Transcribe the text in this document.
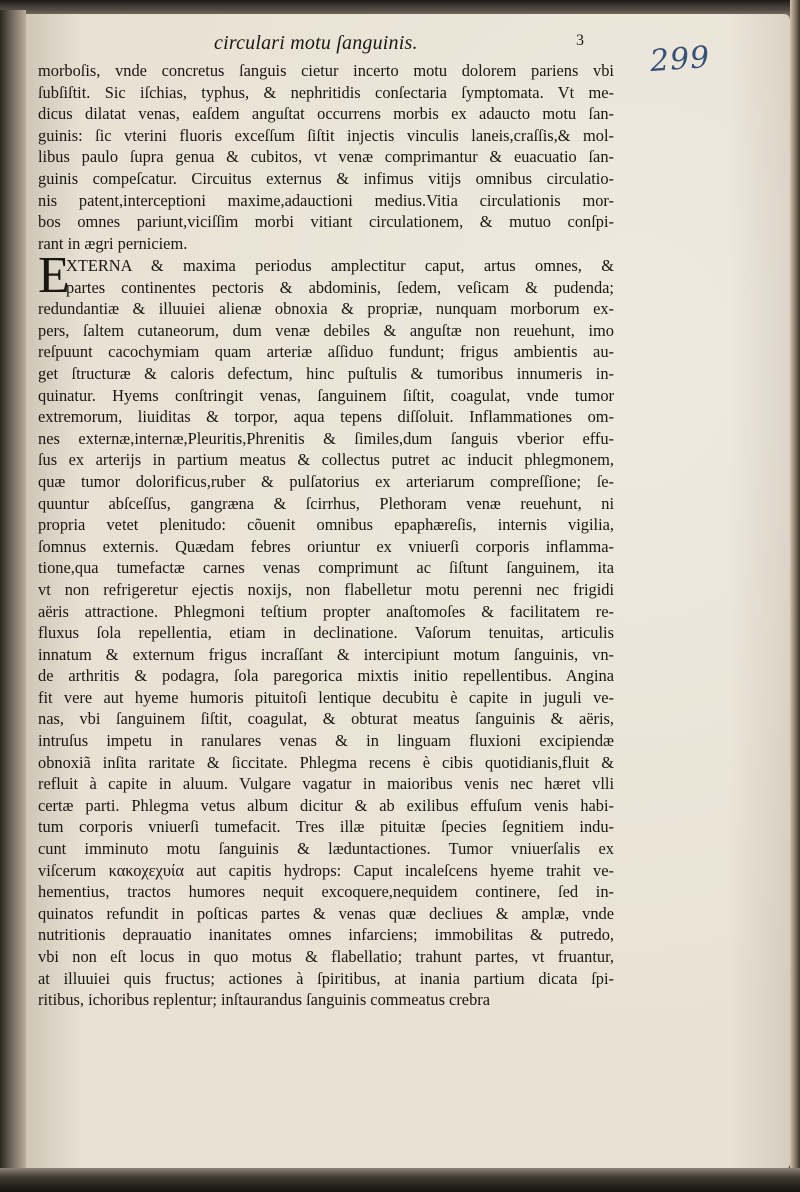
circulari motu ſanguinis.	3 299
morboſis, vnde concretus ſanguis cietur incerto motu dolorem pariens vbi
ſubſiſtit. Sic iſchias, typhus, & nephritidis conſectaria ſymptomata. Vt me-
dicus dilatat venas, eaſdem anguſtat occurrens morbis ex adaucto motu ſan-
guinis: ſic vterini fluoris exceſſum ſiſtit injectis vinculis laneis,craſſis,& mol-
libus paulo ſupra genua & cubitos, vt venæ comprimantur & euacuatio ſan-
guinis compeſcatur. Circuitus externus & infimus vitijs omnibus circulatio-
nis patent,interceptioni maxime,adauctioni medius.Vitia circulationis mor-
bos omnes pariunt,viciſſim morbi vitiant circulationem, & mutuo conſpi-
rant in ægri perniciem.
E
XTERNA & maxima periodus amplectitur caput, artus omnes, &
partes continentes pectoris & abdominis, ſedem, veſicam & pudenda;
redundantiæ & illuuiei alienæ obnoxia & propriæ, nunquam morborum ex-
pers, ſaltem cutaneorum, dum venæ debiles & anguſtæ non reuehunt, imo
reſpuunt cacochymiam quam arteriæ aſſiduo fundunt; frigus ambientis au-
get ſtructuræ & caloris defectum, hinc puſtulis & tumoribus innumeris in-
quinatur. Hyems conſtringit venas, ſanguinem ſiſtit, coagulat, vnde tumor
extremorum, liuiditas & torpor, aqua tepens diſſoluit. Inflammationes om-
nes externæ,internæ,Pleuritis,Phrenitis & ſimiles,dum ſanguis vberior effu-
ſus ex arterijs in partium meatus & collectus putret ac inducit phlegmonem,
quæ tumor dolorificus,ruber & pulſatorius ex arteriarum compreſſione; ſe-
quuntur abſceſſus, gangræna & ſcirrhus, Plethoram venæ reuehunt, ni
propria vetet plenitudo: cõuenit omnibus epaphæreſis, internis vigilia,
ſomnus externis. Quædam febres oriuntur ex vniuerſi corporis inflamma-
tione,qua tumefactæ carnes venas comprimunt ac ſiſtunt ſanguinem, ita
vt non refrigeretur ejectis noxijs, non flabelletur motu perenni nec frigidi
aëris attractione. Phlegmoni teſtium propter anaſtomoſes & facilitatem re-
fluxus ſola repellentia, etiam in declinatione. Vaſorum tenuitas, articulis
innatum & externum frigus incraſſant & intercipiunt motum ſanguinis, vn-
de arthritis & podagra, ſola paregorica mixtis initio repellentibus. Angina
fit vere aut hyeme humoris pituitoſi lentique decubitu è capite in juguli ve-
nas, vbi ſanguinem ſiſtit, coagulat, & obturat meatus ſanguinis & aëris,
intruſus impetu in ranulares venas & in linguam fluxioni excipiendæ
obnoxiã inſita raritate & ſiccitate. Phlegma recens è cibis quotidianis,fluit &
refluit à capite in aluum. Vulgare vagatur in maioribus venis nec hæret vlli
certæ parti. Phlegma vetus album dicitur & ab exilibus effuſum venis habi-
tum corporis vniuerſi tumefacit. Tres illæ pituitæ ſpecies ſegnitiem indu-
cunt imminuto motu ſanguinis & læduntactiones. Tumor vniuerſalis ex
viſcerum κακοχεχυία aut capitis hydrops: Caput incaleſcens hyeme trahit ve-
hementius, tractos humores nequit excoquere,nequidem continere, ſed in-
quinatos refundit in poſticas partes & venas quæ decliues & amplæ, vnde
nutritionis deprauatio inanitates omnes infarciens; immobilitas & putredo,
vbi non eſt locus in quo motus & flabellatio; trahunt partes, vt fruantur,
at illuuiei quis fructus; actiones à ſpiritibus, at inania partium dicata ſpi-
ritibus, ichoribus replentur; inſtaurandus ſanguinis commeatus crebra
